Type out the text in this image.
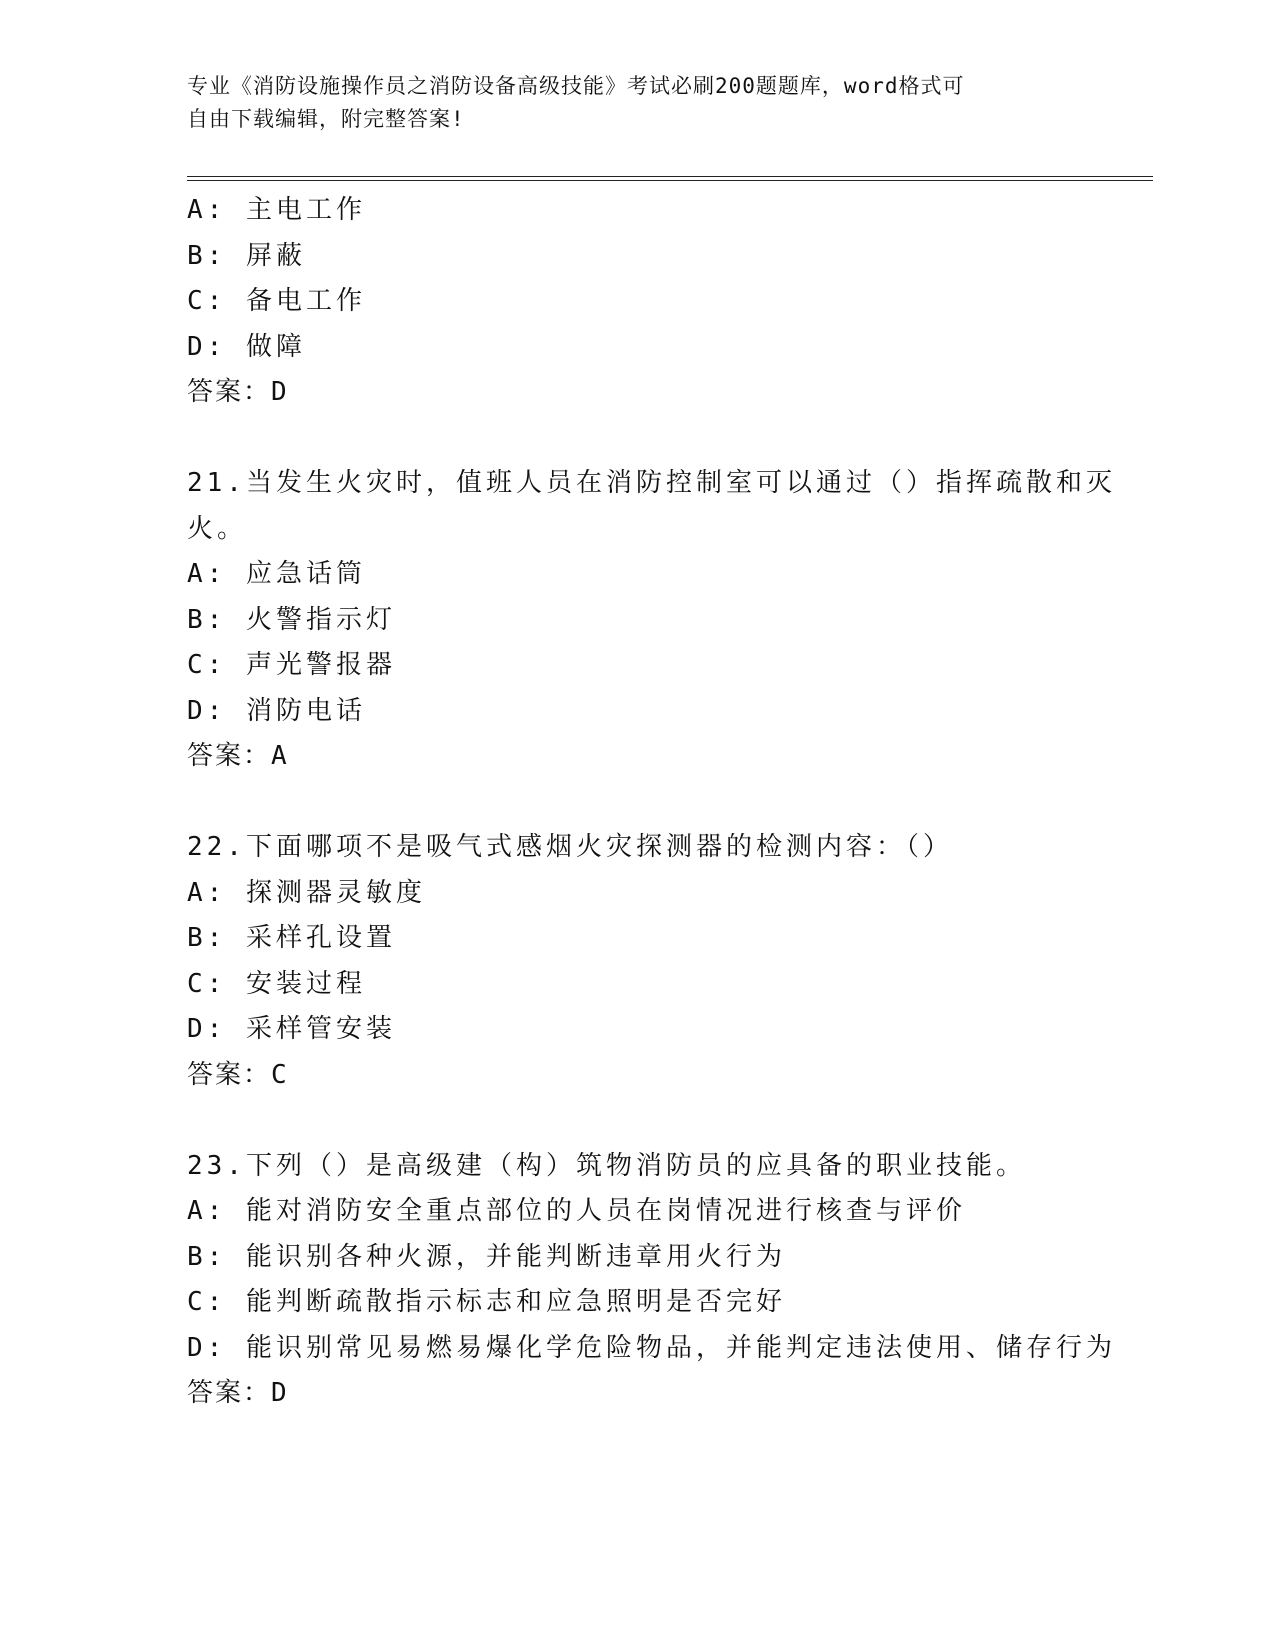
专业《消防设施操作员之消防设备高级技能》考试必刷200题题库，word格式可
自由下载编辑，附完整答案!
A: 主电工作
B: 屏蔽
C: 备电工作
D: 做障
答案：D
21.当发生火灾时，值班人员在消防控制室可以通过（）指挥疏散和灭
火。
A: 应急话筒
B: 火警指示灯
C: 声光警报器
D: 消防电话
答案：A
22.下面哪项不是吸气式感烟火灾探测器的检测内容：（）
A: 探测器灵敏度
B: 采样孔设置
C: 安装过程
D: 采样管安装
答案：C
23.下列（）是高级建（构）筑物消防员的应具备的职业技能。
A: 能对消防安全重点部位的人员在岗情况进行核查与评价
B: 能识别各种火源，并能判断违章用火行为
C: 能判断疏散指示标志和应急照明是否完好
D: 能识别常见易燃易爆化学危险物品，并能判定违法使用、储存行为
答案：D
